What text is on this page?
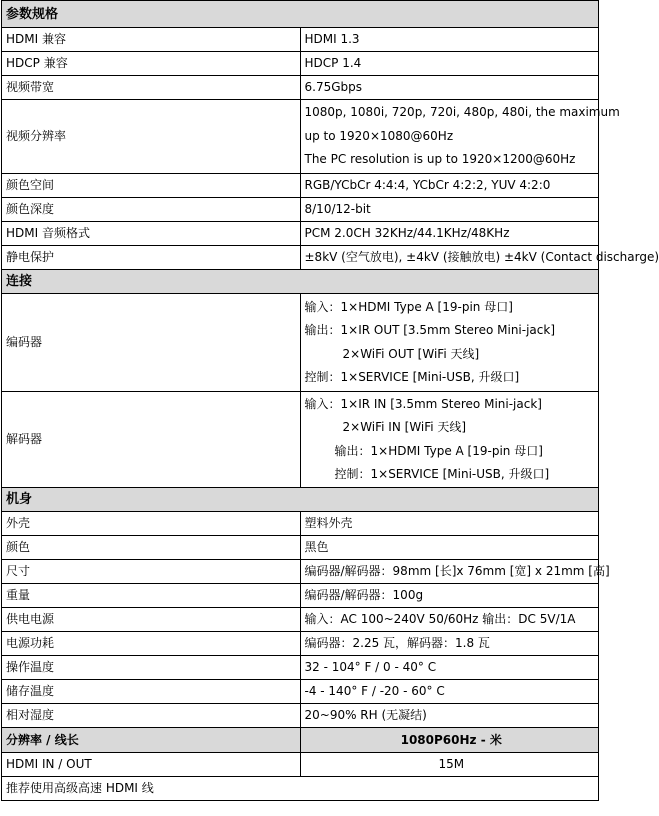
参数规格	
HDMI 兼容	HDMI 1.3
HDCP 兼容	HDCP 1.4
视频带宽	6.75Gbps
视频分辨率	1080p, 1080i, 720p, 720i, 480p, 480i, the maximum
up to 1920×1080@60Hz
The PC resolution is up to 1920×1200@60Hz

颜色空间	RGB/YCbCr 4:4:4, YCbCr 4:2:2, YUV 4:2:0
颜色深度	8/10/12-bit
HDMI 音频格式	PCM 2.0CH 32KHz/44.1KHz/48KHz
静电保护	±8kV (空气放电), ±4kV (接触放电) ±4kV (Contact discharge)
连接	
编码器	输入：1×HDMI Type A [19-pin 母口]
输出：1×IR OUT [3.5mm Stereo Mini-jack]
2×WiFi OUT [WiFi 天线]
控制：1×SERVICE [Mini-USB, 升级口]

解码器	输入：1×IR IN [3.5mm Stereo Mini-jack]
2×WiFi IN [WiFi 天线]
输出：1×HDMI Type A [19-pin 母口]
控制：1×SERVICE [Mini-USB, 升级口]

机身	
外壳	塑料外壳
颜色	黑色
尺寸	编码器/解码器：98mm [长]x 76mm [宽] x 21mm [高]
重量	编码器/解码器：100g
供电电源	输入：AC 100~240V 50/60Hz 输出：DC 5V/1A
电源功耗	编码器：2.25 瓦，解码器：1.8 瓦
操作温度	32 - 104° F / 0 - 40° C
储存温度	-4 - 140° F / -20 - 60° C
相对湿度	20~90% RH (无凝结)
分辨率 / 线长	1080P60Hz - 米
HDMI IN / OUT	15M
推荐使用高级高速 HDMI 线	
